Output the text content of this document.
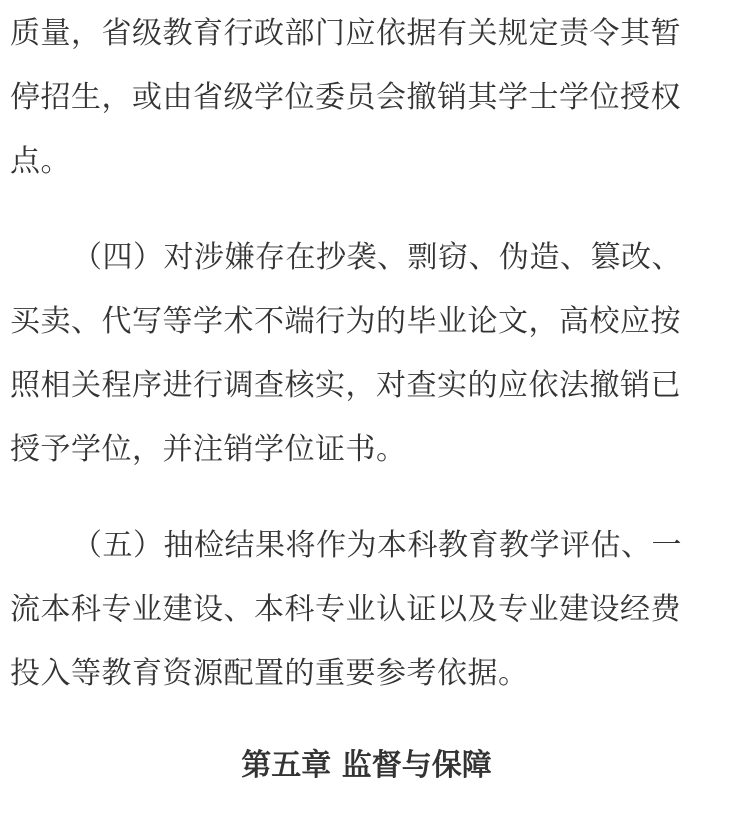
质量，省级教育行政部门应依据有关规定责令其暂
停招生，或由省级学位委员会撤销其学士学位授权
点。
（四）对涉嫌存在抄袭、剽窃、伪造、篡改、
买卖、代写等学术不端行为的毕业论文，高校应按
照相关程序进行调查核实，对查实的应依法撤销已
授予学位，并注销学位证书。
（五）抽检结果将作为本科教育教学评估、一
流本科专业建设、本科专业认证以及专业建设经费
投入等教育资源配置的重要参考依据。
第五章 监督与保障
